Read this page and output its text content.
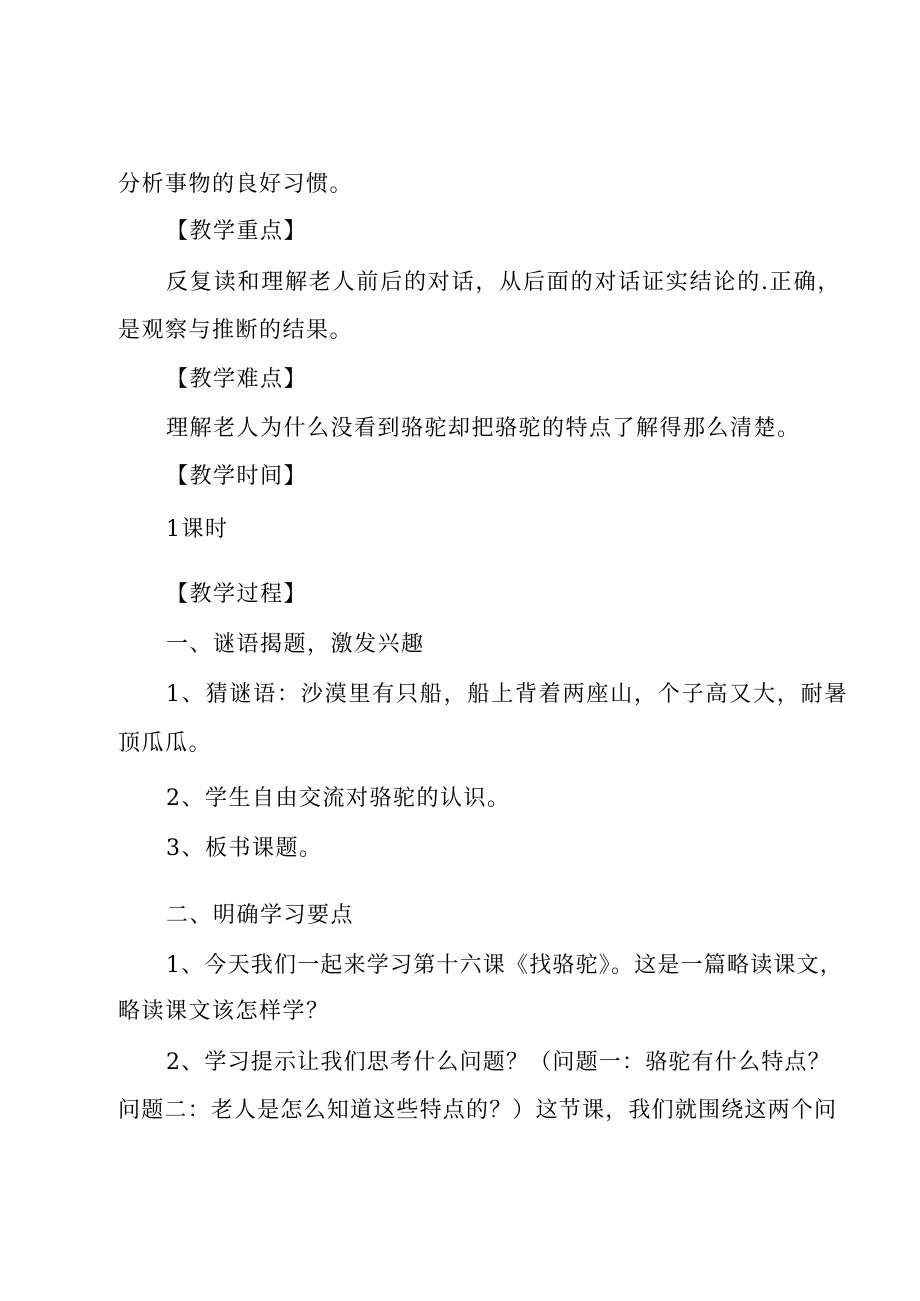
分析事物的良好习惯。
【教学重点】
反复读和理解老人前后的对话，从后面的对话证实结论的.正确，
是观察与推断的结果。
【教学难点】
理解老人为什么没看到骆驼却把骆驼的特点了解得那么清楚。
【教学时间】
1课时
【教学过程】
一、谜语揭题，激发兴趣
1、猜谜语：沙漠里有只船，船上背着两座山，个子高又大，耐暑
顶瓜瓜。
2、学生自由交流对骆驼的认识。
3、板书课题。
二、明确学习要点
1、今天我们一起来学习第十六课《找骆驼》。这是一篇略读课文，
略读课文该怎样学？
2、学习提示让我们思考什么问题？（问题一：骆驼有什么特点？
问题二：老人是怎么知道这些特点的？）这节课，我们就围绕这两个问
